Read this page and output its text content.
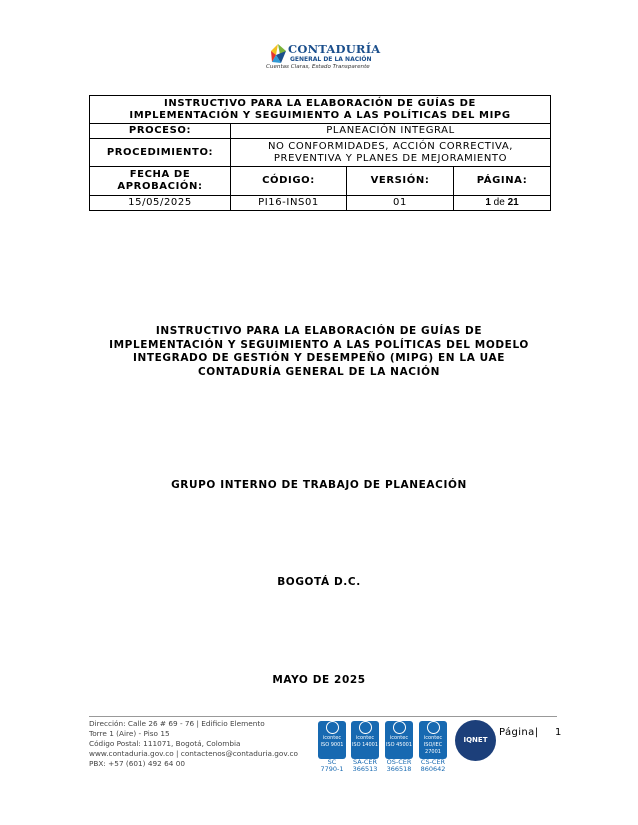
CONTADURÍA
GENERAL DE LA NACIÓN
Cuentas Claras, Estado Transparente
INSTRUCTIVO PARA LA ELABORACIÓN DE GUÍAS DE
IMPLEMENTACIÓN Y SEGUIMIENTO A LAS POLÍTICAS DEL MIPG			

PROCESO:	PLANEACIÓN INTEGRAL		
PROCEDIMIENTO:	NO CONFORMIDADES, ACCIÓN CORRECTIVA,
PREVENTIVA Y PLANES DE MEJORAMIENTO		

FECHA DE
APROBACIÓN:	CÓDIGO:	VERSIÓN:	PÁGINA:
15/05/2025	PI16-INS01	01	1 de 21
INSTRUCTIVO PARA LA ELABORACIÓN DE GUÍAS DE
IMPLEMENTACIÓN Y SEGUIMIENTO A LAS POLÍTICAS DEL MODELO
INTEGRADO DE GESTIÓN Y DESEMPEÑO (MIPG) EN LA UAE
CONTADURÍA GENERAL DE LA NACIÓN
GRUPO INTERNO DE TRABAJO DE PLANEACIÓN
BOGOTÁ D.C.
MAYO DE 2025
Dirección: Calle 26 # 69 - 76 | Edificio Elemento
Torre 1 (Aire) - Piso 15
Código Postal: 111071, Bogotá, Colombia
www.contaduria.gov.co | contactenos@contaduria.gov.co
PBX: +57 (601) 492 64 00
icontec
ISO 9001
SC
7790-1
icontec
ISO 14001
SA-CER
366513
icontec
ISO 45001
OS-CER
366518
icontec
ISO/IEC 27001
CS-CER
860642
IQNET
Página| 1
